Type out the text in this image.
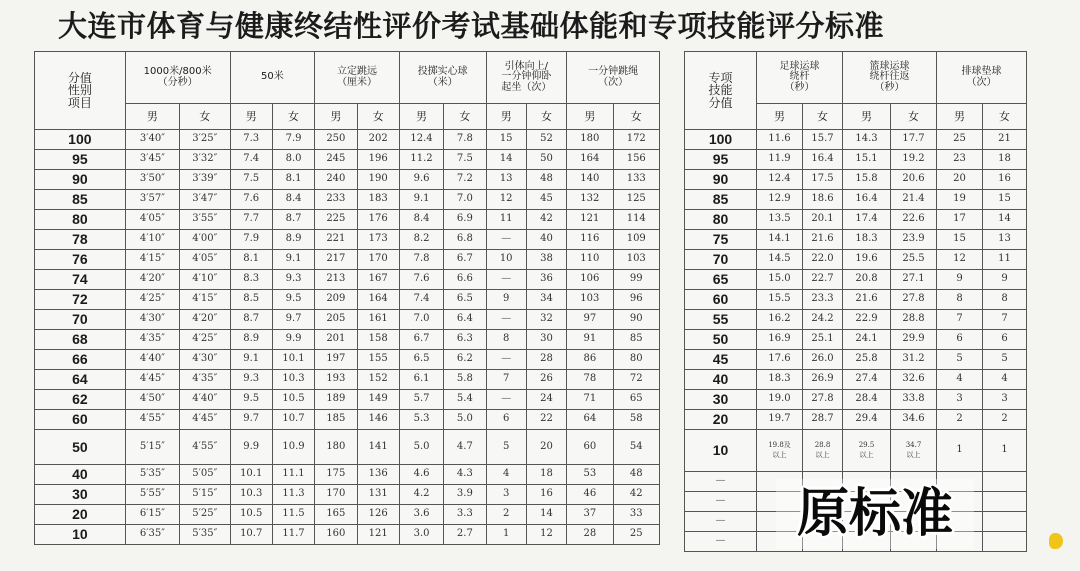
大连市体育与健康终结性评价考试基础体能和专项技能评分标准
分值
性别
项目	1000米/800米
（分秒）		50米		立定跳远
（厘米）		投掷实心球
（米）		引体向上/
一分钟仰卧
起坐（次）		一分钟跳绳
（次）	
	男	女	男	女	男	女	男	女	男	女	男	女
100	3′40″	3′25″	7.3	7.9	250	202	12.4	7.8	15	52	180	172
95	3′45″	3′32″	7.4	8.0	245	196	11.2	7.5	14	50	164	156
90	3′50″	3′39″	7.5	8.1	240	190	9.6	7.2	13	48	140	133
85	3′57″	3′47″	7.6	8.4	233	183	9.1	7.0	12	45	132	125
80	4′05″	3′55″	7.7	8.7	225	176	8.4	6.9	11	42	121	114
78	4′10″	4′00″	7.9	8.9	221	173	8.2	6.8	—	40	116	109
76	4′15″	4′05″	8.1	9.1	217	170	7.8	6.7	10	38	110	103
74	4′20″	4′10″	8.3	9.3	213	167	7.6	6.6	—	36	106	99
72	4′25″	4′15″	8.5	9.5	209	164	7.4	6.5	9	34	103	96
70	4′30″	4′20″	8.7	9.7	205	161	7.0	6.4	—	32	97	90
68	4′35″	4′25″	8.9	9.9	201	158	6.7	6.3	8	30	91	85
66	4′40″	4′30″	9.1	10.1	197	155	6.5	6.2	—	28	86	80
64	4′45″	4′35″	9.3	10.3	193	152	6.1	5.8	7	26	78	72
62	4′50″	4′40″	9.5	10.5	189	149	5.7	5.4	—	24	71	65
60	4′55″	4′45″	9.7	10.7	185	146	5.3	5.0	6	22	64	58
50	5′15″	4′55″	9.9	10.9	180	141	5.0	4.7	5	20	60	54
40	5′35″	5′05″	10.1	11.1	175	136	4.6	4.3	4	18	53	48
30	5′55″	5′15″	10.3	11.3	170	131	4.2	3.9	3	16	46	42
20	6′15″	5′25″	10.5	11.5	165	126	3.6	3.3	2	14	37	33
10	6′35″	5′35″	10.7	11.7	160	121	3.0	2.7	1	12	28	25
专项
技能
分值	足球运球
绕杆
（秒）		篮球运球
绕杆往返
（秒）		排球垫球
（次）	
	男	女	男	女	男	女
100	11.6	15.7	14.3	17.7	25	21
95	11.9	16.4	15.1	19.2	23	18
90	12.4	17.5	15.8	20.6	20	16
85	12.9	18.6	16.4	21.4	19	15
80	13.5	20.1	17.4	22.6	17	14
75	14.1	21.6	18.3	23.9	15	13
70	14.5	22.0	19.6	25.5	12	11
65	15.0	22.7	20.8	27.1	9	9
60	15.5	23.3	21.6	27.8	8	8
55	16.2	24.2	22.9	28.8	7	7
50	16.9	25.1	24.1	29.9	6	6
45	17.6	26.0	25.8	31.2	5	5
40	18.3	26.9	27.4	32.6	4	4
30	19.0	27.8	28.4	33.8	3	3
20	19.7	28.7	29.4	34.6	2	2
10	19.8及
以上	28.8
以上	29.5
以上	34.7
以上	1	1
—						
—						
—						
—							原标准
